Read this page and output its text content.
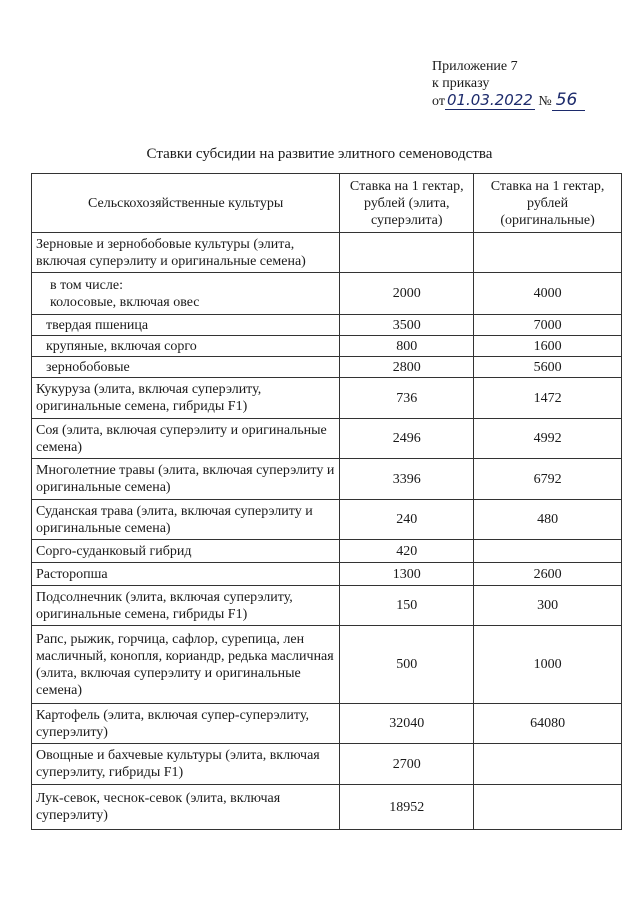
Приложение 7
к приказу
от 01.03.2022 № 56
Ставки субсидии на развитие элитного семеноводства
Сельскохозяйственные культуры	Ставка на 1 гектар, рублей (элита, суперэлита)	Ставка на 1 гектар, рублей (оригинальные)
Зерновые и зернобобовые культуры (элита, включая суперэлиту и оригинальные семена)		

в том числе:
колосовые, включая овес	2000	4000
твердая пшеница	3500	7000
крупяные, включая сорго	800	1600
зернобобовые	2800	5600
Кукуруза (элита, включая суперэлиту, оригинальные семена, гибриды F1)	736	1472
Соя (элита, включая суперэлиту и оригинальные семена)	2496	4992
Многолетние травы (элита, включая суперэлиту и оригинальные семена)	3396	6792
Суданская трава (элита, включая суперэлиту и оригинальные семена)	240	480
Сорго-суданковый гибрид	420	
Расторопша	1300	2600
Подсолнечник (элита, включая суперэлиту, оригинальные семена, гибриды F1)	150	300
Рапс, рыжик, горчица, сафлор, сурепица, лен масличный, конопля, кориандр, редька масличная (элита, включая суперэлиту и оригинальные семена)	500	1000
Картофель (элита, включая супер-суперэлиту, суперэлиту)	32040	64080
Овощные и бахчевые культуры (элита, включая суперэлиту, гибриды F1)	2700	
Лук-севок, чеснок-севок (элита, включая суперэлиту)	18952	
